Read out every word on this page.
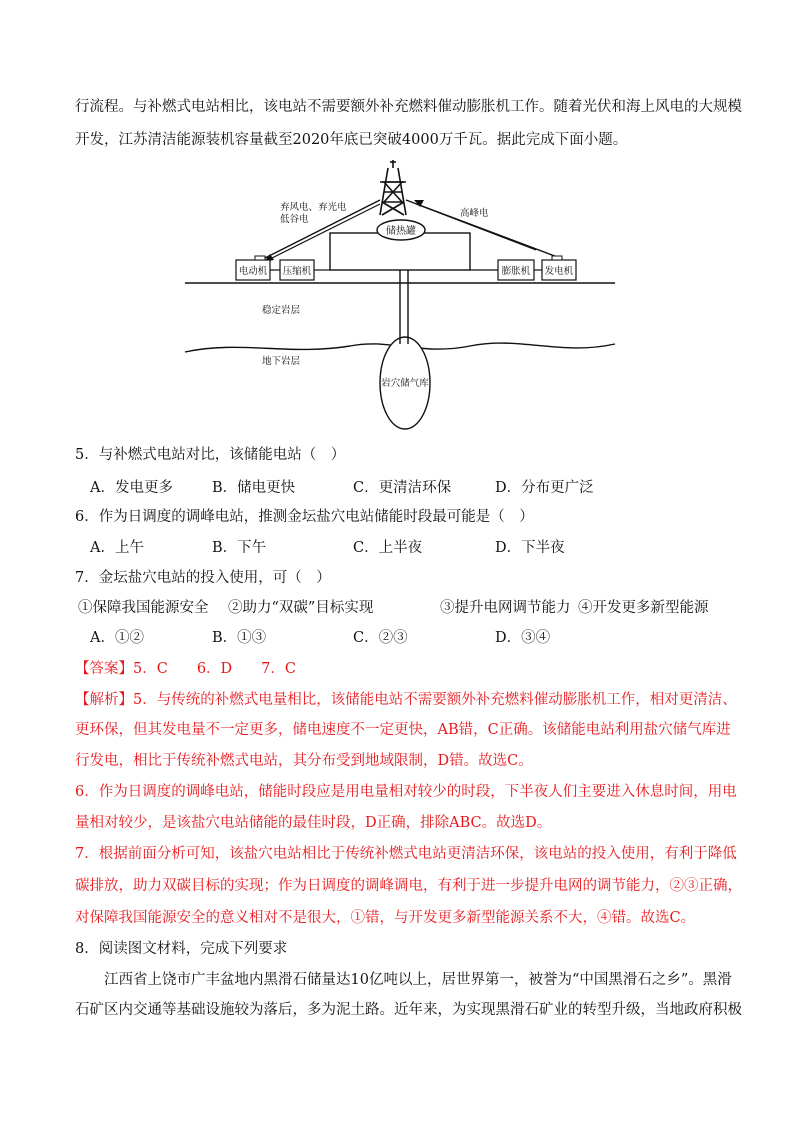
行流程。与补燃式电站相比，该电站不需要额外补充燃料催动膨胀机工作。随着光伏和海上风电的大规模
开发，江苏清洁能源装机容量截至2020年底已突破4000万千瓦。据此完成下面小题。
储热罐
弃风电、弃光电
低谷电
高峰电
电动机 压缩机	膨胀机 发电机
稳定岩层
地下岩层
岩穴储气库
5．与补燃式电站对比，该储能电站（　）
A．发电更多	B．储电更快	C．更清洁环保	D．分布更广泛
6．作为日调度的调峰电站，推测金坛盐穴电站储能时段最可能是（　）
A．上午	B．下午	C．上半夜	D．下半夜
7．金坛盐穴电站的投入使用，可（　）
①保障我国能源安全 ②助力“双碳”目标实现	③提升电网调节能力 ④开发更多新型能源
A．①②	B．①③	C．②③	D．③④
【答案】5．C　　6．D　　7．C
【解析】5．与传统的补燃式电量相比，该储能电站不需要额外补充燃料催动膨胀机工作，相对更清洁、
更环保，但其发电量不一定更多，储电速度不一定更快，AB错，C正确。该储能电站利用盐穴储气库进
行发电，相比于传统补燃式电站，其分布受到地域限制，D错。故选C。
6．作为日调度的调峰电站，储能时段应是用电量相对较少的时段，下半夜人们主要进入休息时间，用电
量相对较少，是该盐穴电站储能的最佳时段，D正确，排除ABC。故选D。
7．根据前面分析可知，该盐穴电站相比于传统补燃式电站更清洁环保，该电站的投入使用，有利于降低
碳排放，助力双碳目标的实现；作为日调度的调峰调电，有利于进一步提升电网的调节能力，②③正确，
对保障我国能源安全的意义相对不是很大，①错，与开发更多新型能源关系不大，④错。故选C。
8．阅读图文材料，完成下列要求
　　江西省上饶市广丰盆地内黑滑石储量达10亿吨以上，居世界第一，被誉为“中国黑滑石之乡”。黑滑
石矿区内交通等基础设施较为落后，多为泥土路。近年来，为实现黑滑石矿业的转型升级，当地政府积极
